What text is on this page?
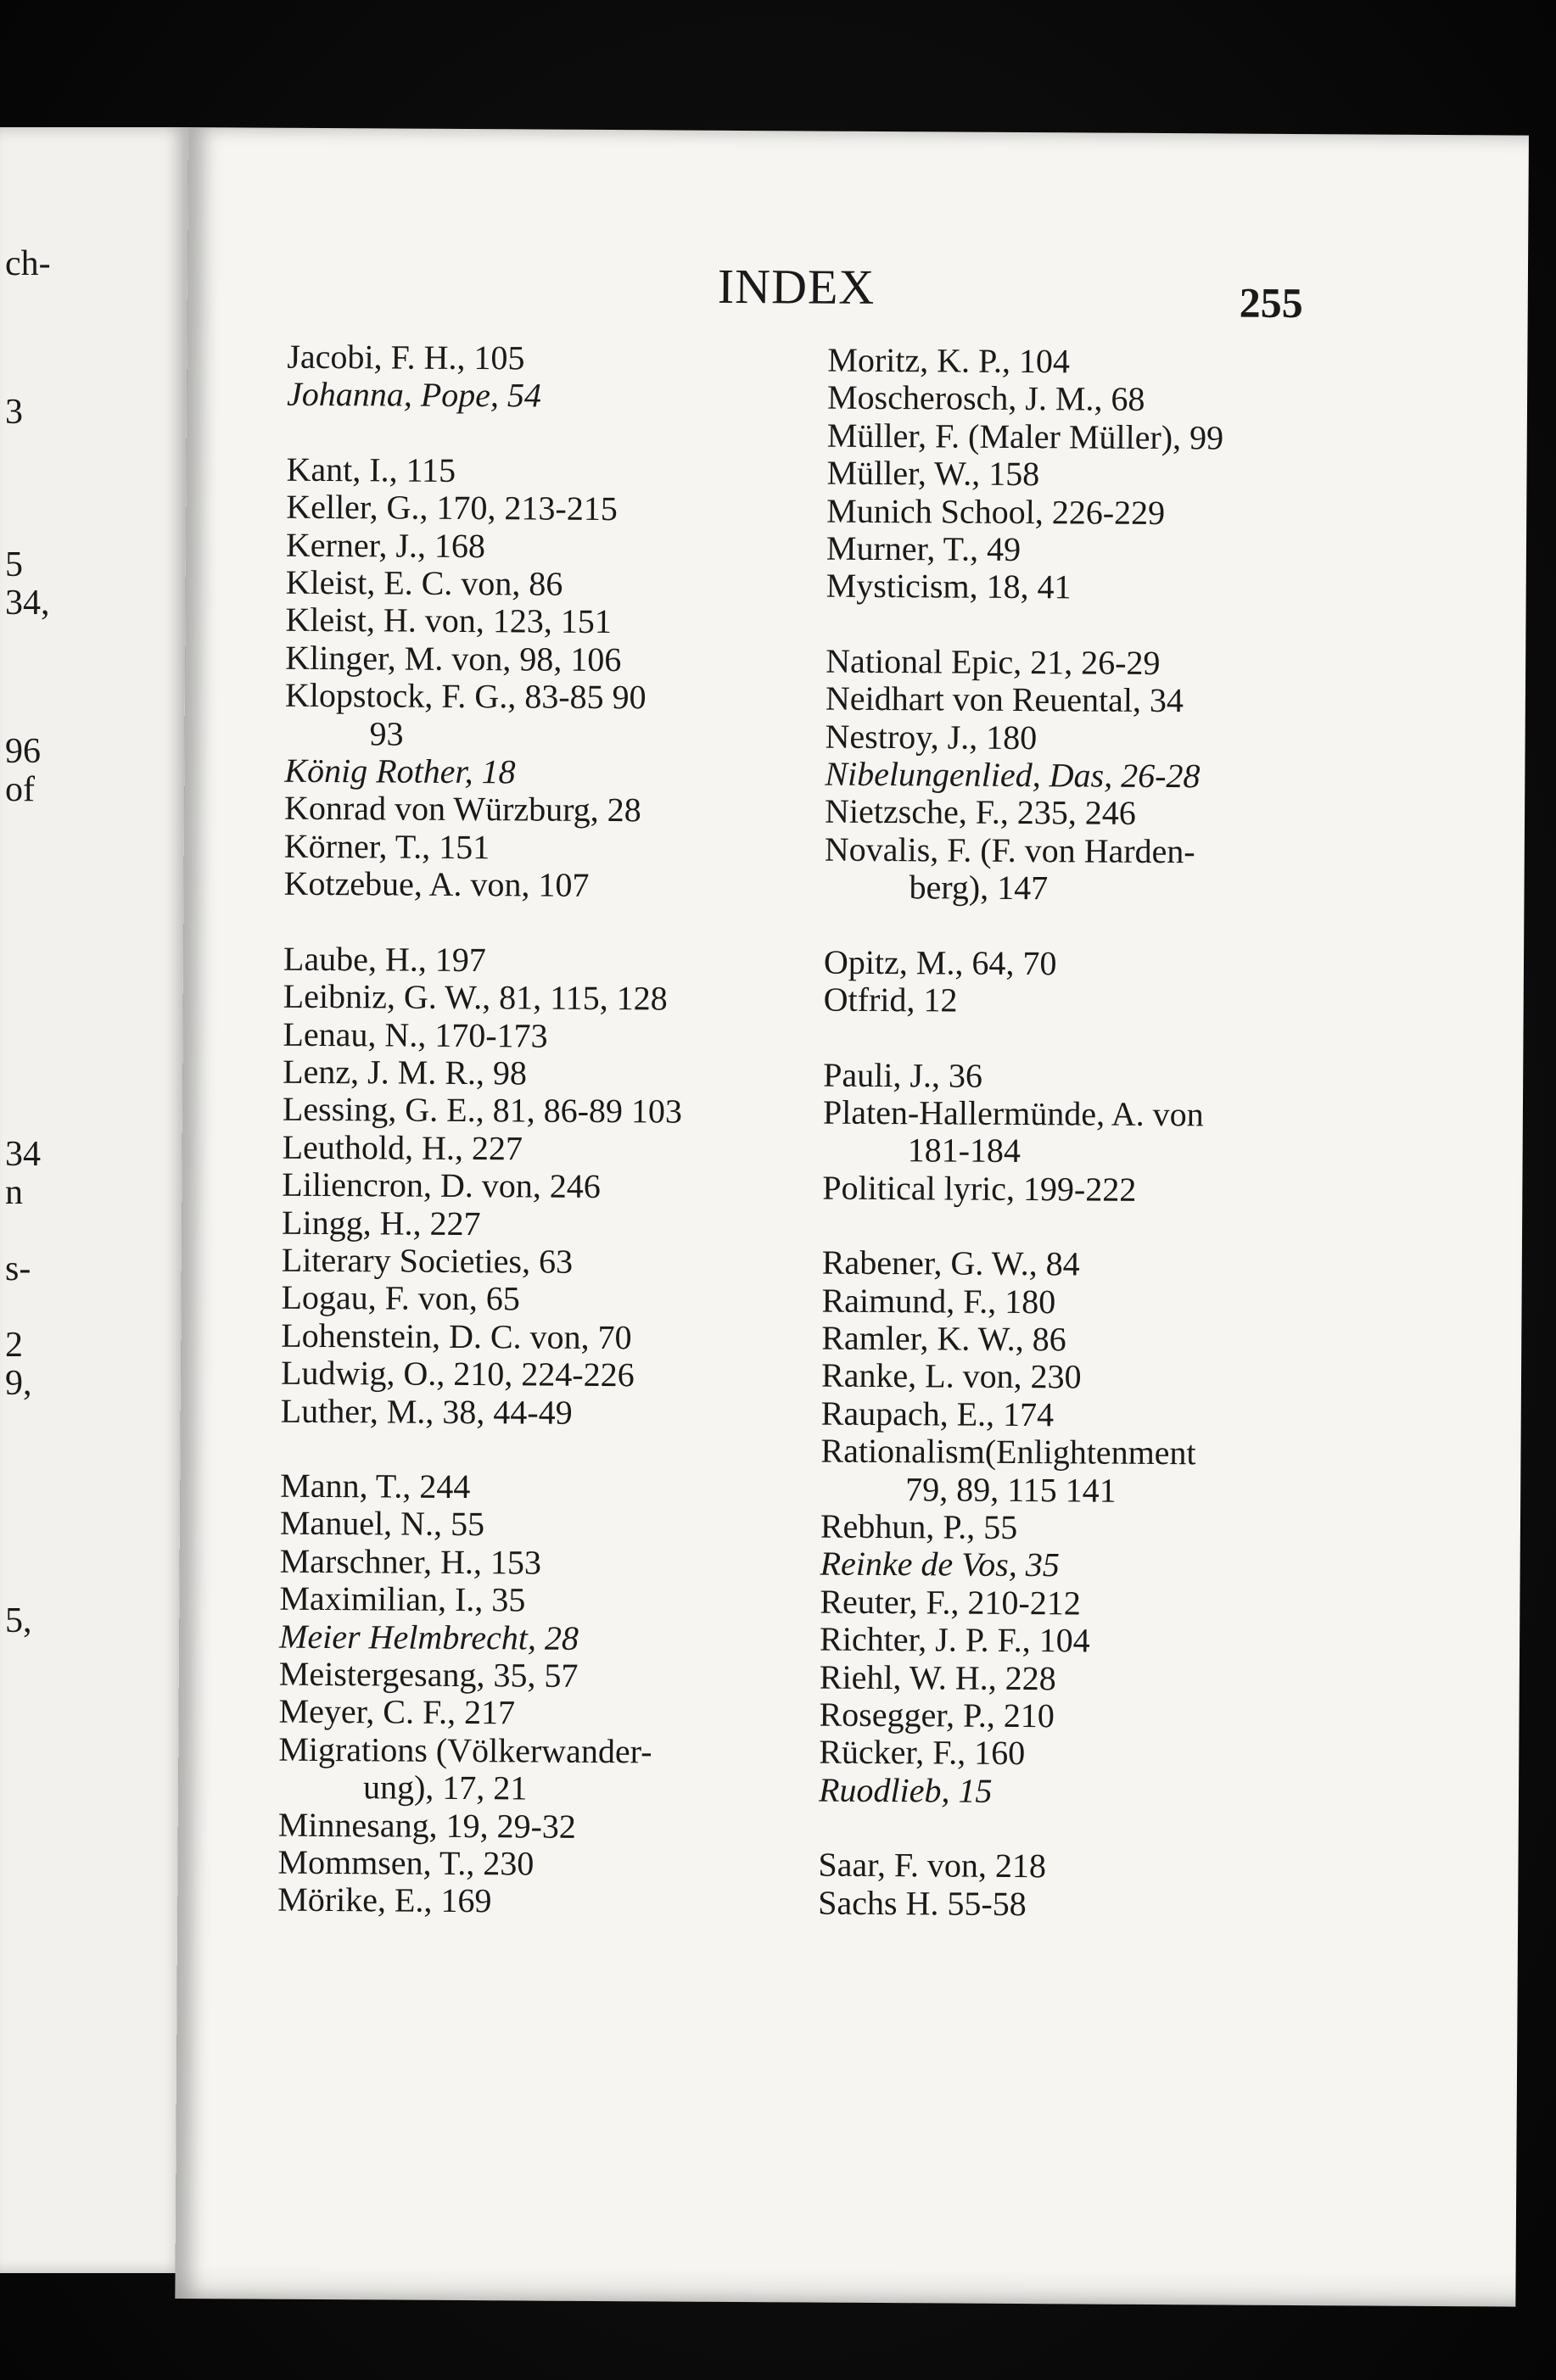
ch-
3
5
34,
96
of
34
n
s-
2
9,
5,
INDEX	255
Jacobi, F. H., 105
Johanna, Pope, 54
Kant, I., 115
Keller, G., 170, 213-215
Kerner, J., 168
Kleist, E. C. von, 86
Kleist, H. von, 123, 151
Klinger, M. von, 98, 106
Klopstock, F. G., 83-85 90
93
König Rother, 18
Konrad von Würzburg, 28
Körner, T., 151
Kotzebue, A. von, 107
Laube, H., 197
Leibniz, G. W., 81, 115, 128
Lenau, N., 170-173
Lenz, J. M. R., 98
Lessing, G. E., 81, 86-89 103
Leuthold, H., 227
Liliencron, D. von, 246
Lingg, H., 227
Literary Societies, 63
Logau, F. von, 65
Lohenstein, D. C. von, 70
Ludwig, O., 210, 224-226
Luther, M., 38, 44-49
Mann, T., 244
Manuel, N., 55
Marschner, H., 153
Maximilian, I., 35
Meier Helmbrecht, 28
Meistergesang, 35, 57
Meyer, C. F., 217
Migrations (Völkerwander-
ung), 17, 21
Minnesang, 19, 29-32
Mommsen, T., 230
Mörike, E., 169
Moritz, K. P., 104
Moscherosch, J. M., 68
Müller, F. (Maler Müller), 99
Müller, W., 158
Munich School, 226-229
Murner, T., 49
Mysticism, 18, 41
National Epic, 21, 26-29
Neidhart von Reuental, 34
Nestroy, J., 180
Nibelungenlied, Das, 26-28
Nietzsche, F., 235, 246
Novalis, F. (F. von Harden-
berg), 147
Opitz, M., 64, 70
Otfrid, 12
Pauli, J., 36
Platen-Hallermünde, A. von
181-184
Political lyric, 199-222
Rabener, G. W., 84
Raimund, F., 180
Ramler, K. W., 86
Ranke, L. von, 230
Raupach, E., 174
Rationalism(Enlightenment
79, 89, 115 141
Rebhun, P., 55
Reinke de Vos, 35
Reuter, F., 210-212
Richter, J. P. F., 104
Riehl, W. H., 228
Rosegger, P., 210
Rücker, F., 160
Ruodlieb, 15
Saar, F. von, 218
Sachs H. 55-58
